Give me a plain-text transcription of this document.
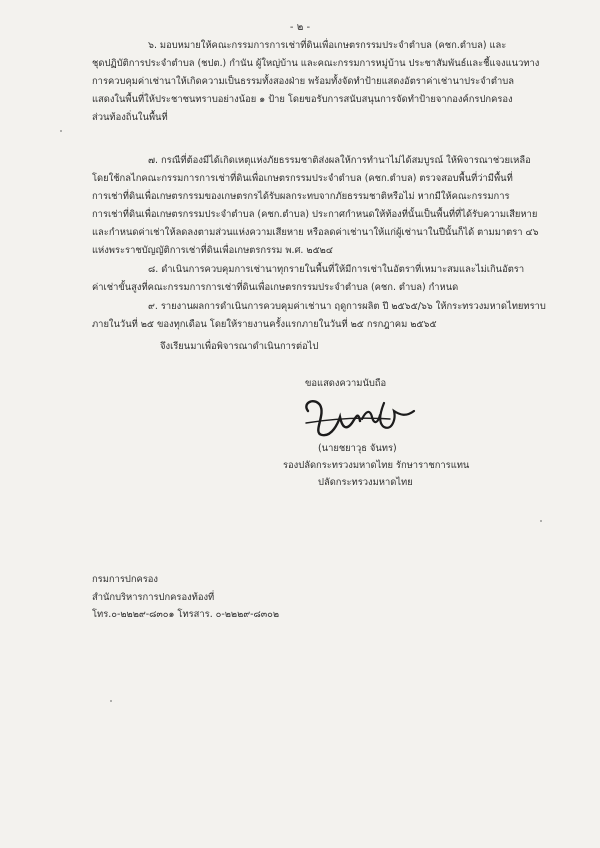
- ๒ -
๖. มอบหมายให้คณะกรรมการการเช่าที่ดินเพื่อเกษตรกรรมประจำตำบล (คชก.ตำบล) และ
ชุดปฏิบัติการประจำตำบล (ชปต.) กำนัน ผู้ใหญ่บ้าน และคณะกรรมการหมู่บ้าน ประชาสัมพันธ์และชี้แจงแนวทาง
การควบคุมค่าเช่านาให้เกิดความเป็นธรรมทั้งสองฝ่าย พร้อมทั้งจัดทำป้ายแสดงอัตราค่าเช่านาประจำตำบล
แสดงในพื้นที่ให้ประชาชนทราบอย่างน้อย ๑ ป้าย โดยขอรับการสนับสนุนการจัดทำป้ายจากองค์กรปกครอง
ส่วนท้องถิ่นในพื้นที่
๗. กรณีที่ต้องมีได้เกิดเหตุแห่งภัยธรรมชาติส่งผลให้การทำนาไม่ได้สมบูรณ์ ให้พิจารณาช่วยเหลือ
โดยใช้กลไกคณะกรรมการการเช่าที่ดินเพื่อเกษตรกรรมประจำตำบล (คชก.ตำบล) ตรวจสอบพื้นที่ว่ามีพื้นที่
การเช่าที่ดินเพื่อเกษตรกรรมของเกษตรกรได้รับผลกระทบจากภัยธรรมชาติหรือไม่ หากมีให้คณะกรรมการ
การเช่าที่ดินเพื่อเกษตรกรรมประจำตำบล (คชก.ตำบล) ประกาศกำหนดให้ท้องที่นั้นเป็นพื้นที่ที่ได้รับความเสียหาย
และกำหนดค่าเช่าให้ลดลงตามส่วนแห่งความเสียหาย หรือลดค่าเช่านาให้แก่ผู้เช่านาในปีนั้นก็ได้ ตามมาตรา ๔๖
แห่งพระราชบัญญัติการเช่าที่ดินเพื่อเกษตรกรรม พ.ศ. ๒๕๒๔
๘. ดำเนินการควบคุมการเช่านาทุกรายในพื้นที่ให้มีการเช่าในอัตราที่เหมาะสมและไม่เกินอัตรา
ค่าเช่าขั้นสูงที่คณะกรรมการการเช่าที่ดินเพื่อเกษตรกรรมประจำตำบล (คชก. ตำบล) กำหนด
๙. รายงานผลการดำเนินการควบคุมค่าเช่านา ฤดูการผลิต ปี ๒๕๖๕/๖๖ ให้กระทรวงมหาดไทยทราบ
ภายในวันที่ ๒๕ ของทุกเดือน โดยให้รายงานครั้งแรกภายในวันที่ ๒๕ กรกฎาคม ๒๕๖๕
จึงเรียนมาเพื่อพิจารณาดำเนินการต่อไป
ขอแสดงความนับถือ
(นายชยาวุธ จันทร)
รองปลัดกระทรวงมหาดไทย รักษาราชการแทน
ปลัดกระทรวงมหาดไทย
กรมการปกครอง
สำนักบริหารการปกครองท้องที่
โทร.๐-๒๒๒๙-๘๓๐๑ โทรสาร. ๐-๒๒๒๙-๘๓๐๒
